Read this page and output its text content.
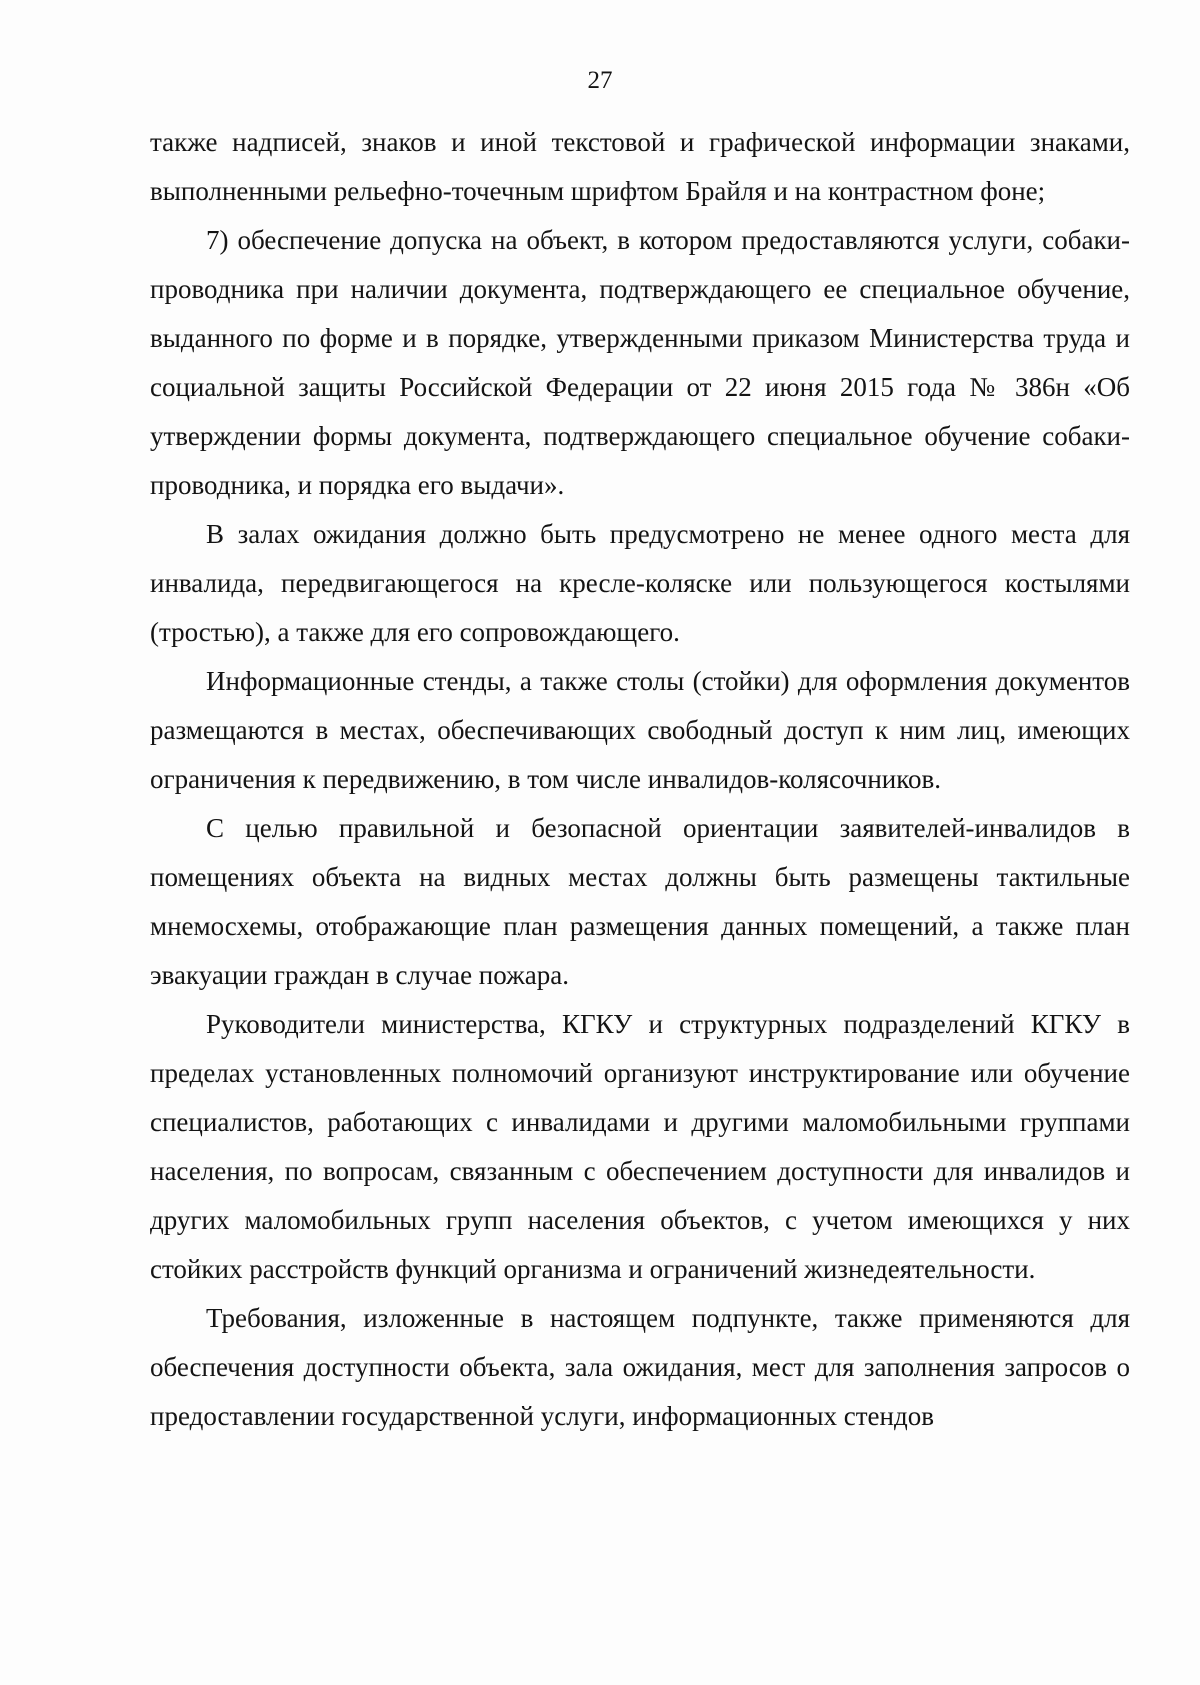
27

также надписей, знаков и иной текстовой и графической информации знаками, выполненными рельефно-точечным шрифтом Брайля и на контрастном фоне;

7) обеспечение допуска на объект, в котором предоставляются услуги, собаки-проводника при наличии документа, подтверждающего ее специальное обучение, выданного по форме и в порядке, утвержденными приказом Министерства труда и социальной защиты Российской Федерации от 22 июня 2015 года № 386н «Об утверждении формы документа, подтверждающего специальное обучение собаки-проводника, и порядка его выдачи».

В залах ожидания должно быть предусмотрено не менее одного места для инвалида, передвигающегося на кресле-коляске или пользующегося костылями (тростью), а также для его сопровождающего.

Информационные стенды, а также столы (стойки) для оформления документов размещаются в местах, обеспечивающих свободный доступ к ним лиц, имеющих ограничения к передвижению, в том числе инвалидов-колясочников.

С целью правильной и безопасной ориентации заявителей-инвалидов в помещениях объекта на видных местах должны быть размещены тактильные мнемосхемы, отображающие план размещения данных помещений, а также план эвакуации граждан в случае пожара.

Руководители министерства, КГКУ и структурных подразделений КГКУ в пределах установленных полномочий организуют инструктирование или обучение специалистов, работающих с инвалидами и другими маломобильными группами населения, по вопросам, связанным с обеспечением доступности для инвалидов и других маломобильных групп населения объектов, с учетом имеющихся у них стойких расстройств функций организма и ограничений жизнедеятельности.

Требования, изложенные в настоящем подпункте, также применяются для обеспечения доступности объекта, зала ожидания, мест для заполнения запросов о предоставлении государственной услуги, информационных стендов
